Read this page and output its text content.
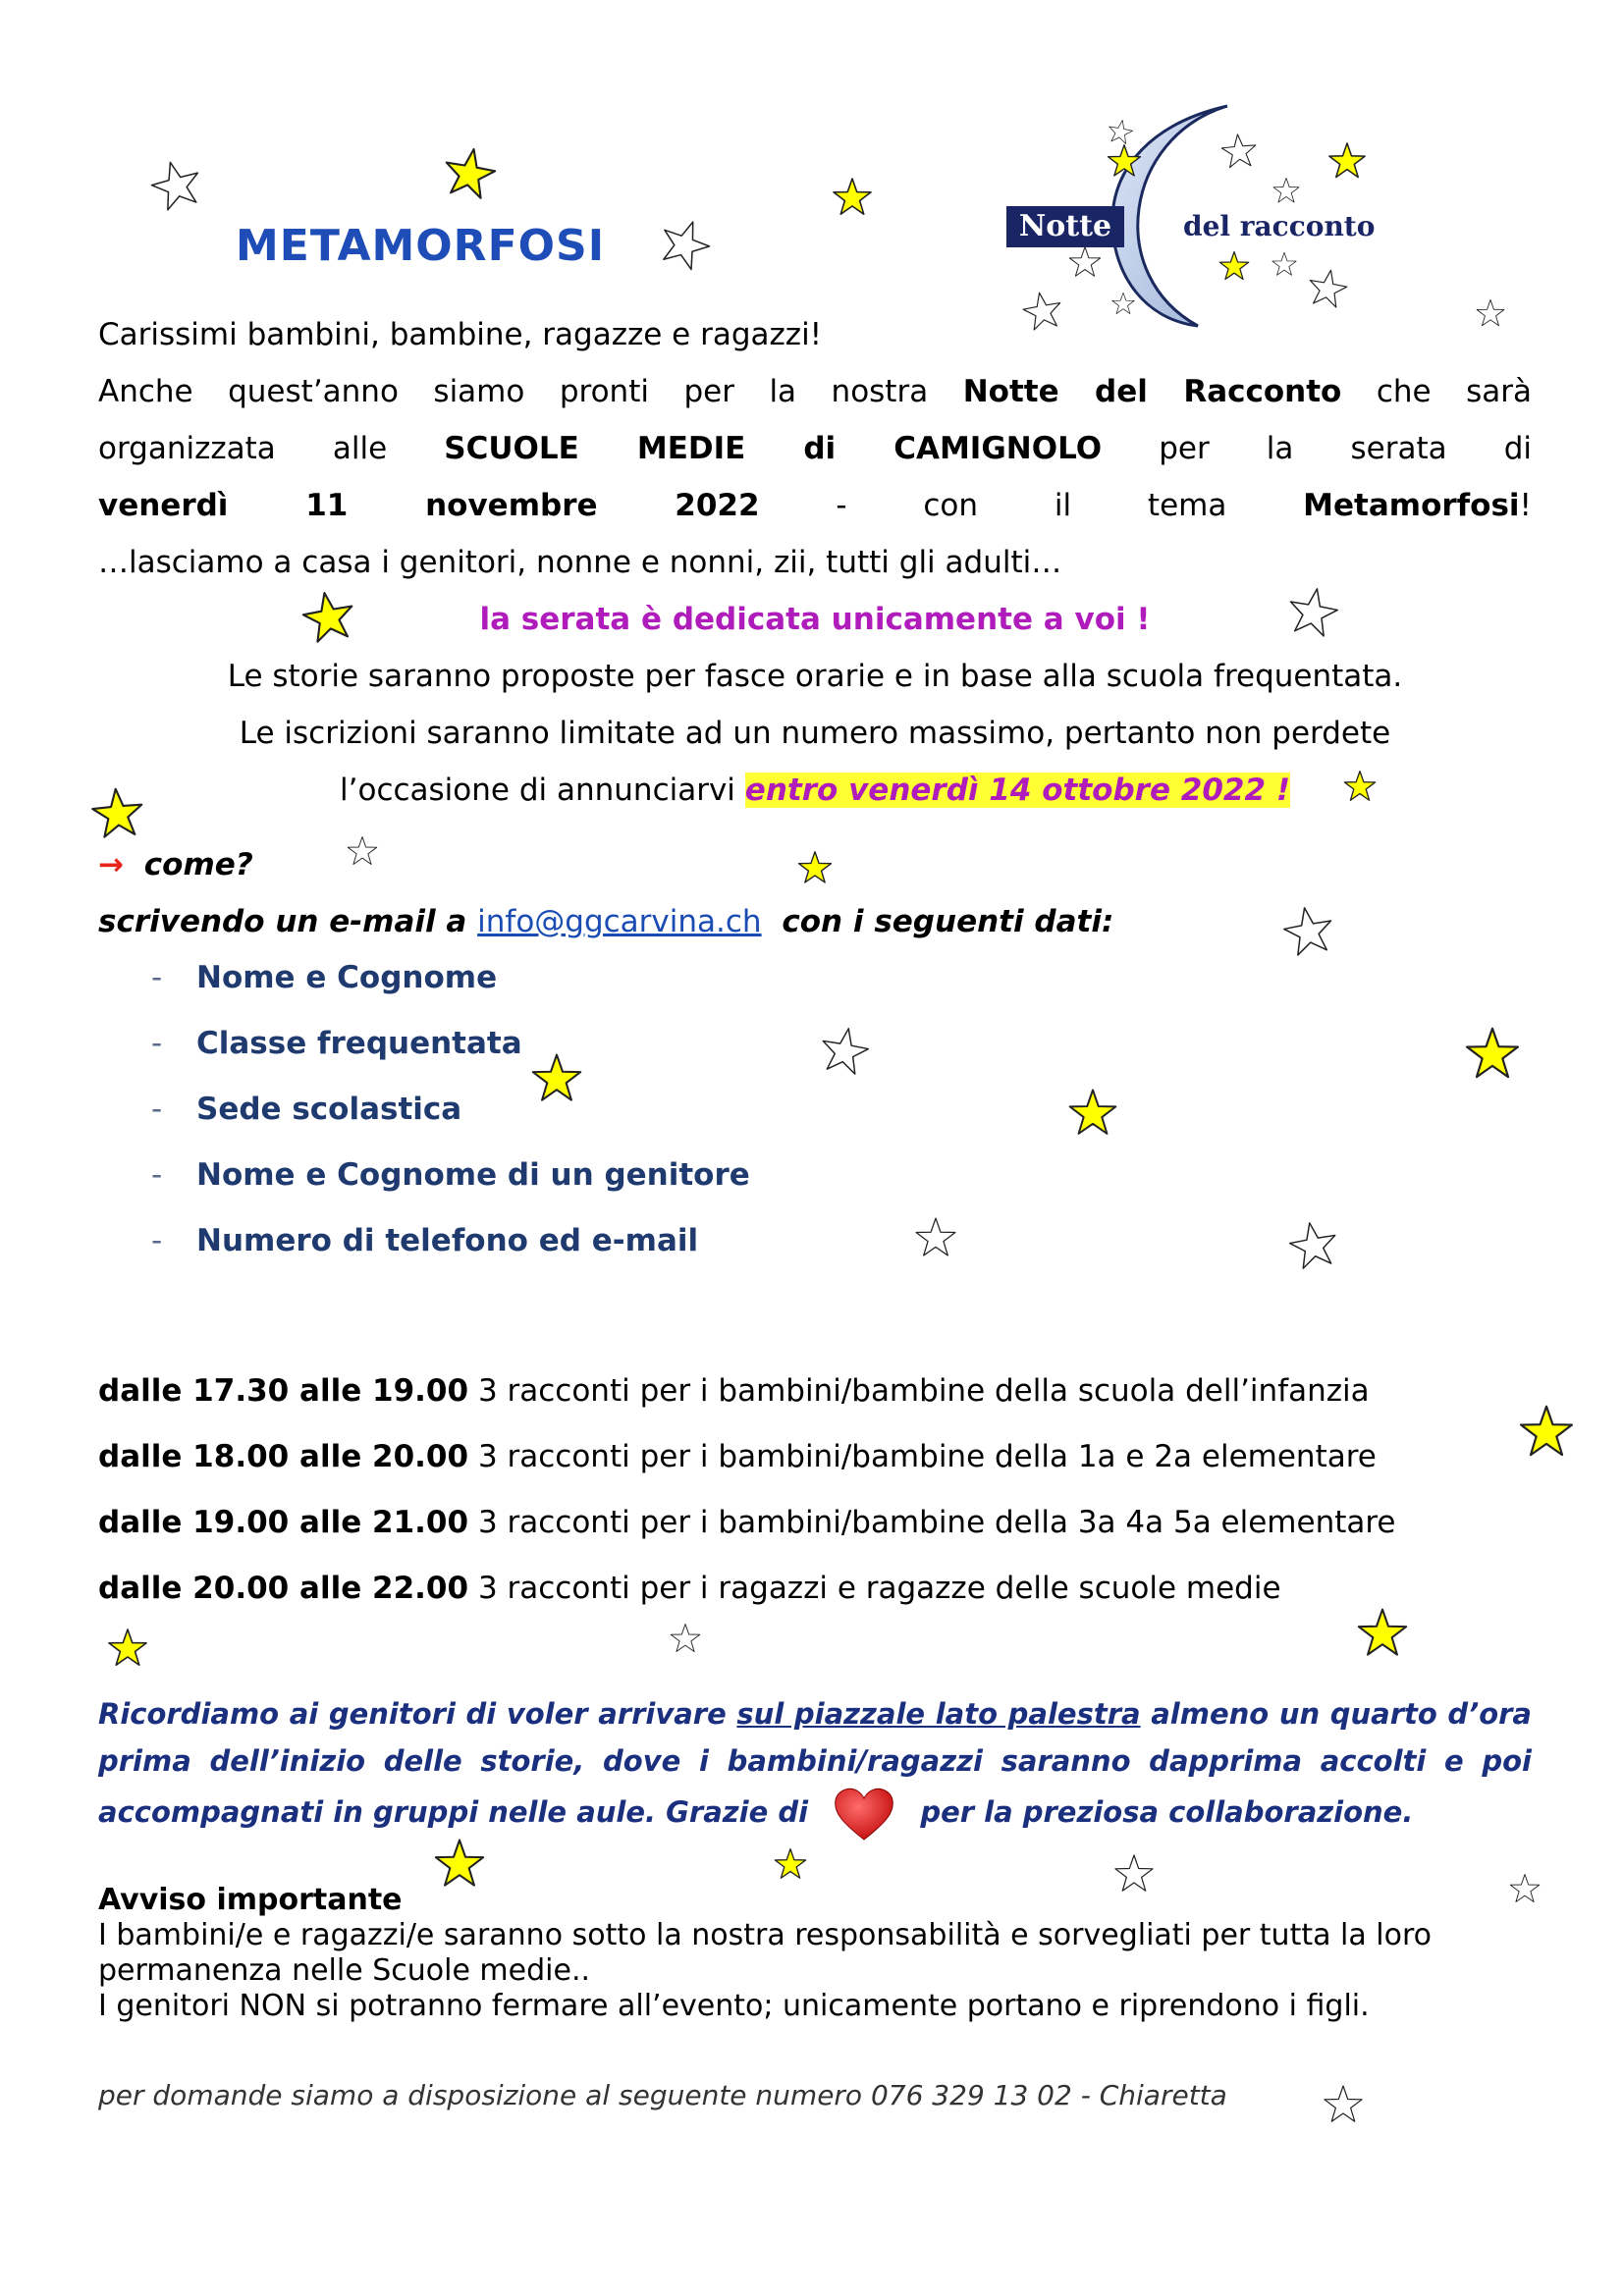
METAMORFOSI	Notte	del racconto
Carissimi bambini, bambine, ragazze e ragazzi!
Anche quest’anno siamo pronti per la nostra Notte del Racconto che sarà
organizzata alle SCUOLE MEDIE di CAMIGNOLO per la serata di
venerdì 11 novembre 2022	- con il tema	Metamorfosi!
…lasciamo a casa i genitori, nonne e nonni, zii, tutti gli adulti…
la serata è dedicata unicamente a voi !
Le storie saranno proposte per fasce orarie e in base alla scuola frequentata.
Le iscrizioni saranno limitate ad un numero massimo, pertanto non perdete
l’occasione di annunciarvi entro venerdì 14 ottobre 2022 !
→ come?
scrivendo un e-mail a info@ggcarvina.ch con i seguenti dati:
- Nome e Cognome
- Classe frequentata
- Sede scolastica
- Nome e Cognome di un genitore
- Numero di telefono ed e-mail
dalle 17.30 alle 19.00 3 racconti per i bambini/bambine della scuola dell’infanzia
dalle 18.00 alle 20.00 3 racconti per i bambini/bambine della 1a e 2a elementare
dalle 19.00 alle 21.00 3 racconti per i bambini/bambine della 3a 4a 5a elementare
dalle 20.00 alle 22.00 3 racconti per i ragazzi e ragazze delle scuole medie
Ricordiamo ai genitori di voler arrivare sul piazzale lato palestra almeno un quarto d’ora
prima dell’inizio delle storie, dove i bambini/ragazzi saranno dapprima accolti e poi
accompagnati in gruppi nelle aule. Grazie di	per la preziosa collaborazione.
Avviso importante
I bambini/e e ragazzi/e saranno sotto la nostra responsabilità e sorvegliati per tutta la loro
permanenza nelle Scuole medie..
I genitori NON si potranno fermare all’evento; unicamente portano e riprendono i figli.
per domande siamo a disposizione al seguente numero 076 329 13 02 - Chiaretta
